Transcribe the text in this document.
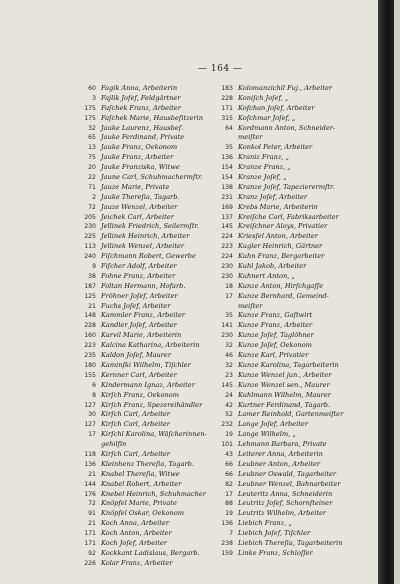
— 164 —
60 Fagik Anna, Arbeiterin
3 Fajlik Jofef, Feldgärtner
175 Faſchek Franz, Arbeiter
175 Faſchek Marie, Hausbeſitzerin
32 Jauke Laurenz, Hausbeſ.
65 Jauke Ferdinand, Private
13 Jauke Franz, Oekonom
75 Jauke Franz, Arbeiter
20 Jauke Franziska, Witwe
22 Jaune Carl, Schuhmachermſtr.
71 Jauze Marie, Private
2 Jauke Thereſia, Tagarb.
72 Jauze Wenzel, Arbeiter
205 Jeichek Carl, Arbeiter
230 Jellinek Friedrich, Seilermſtr.
225 Jellinek Heinrich, Arbeiter
113 Jellinek Wenzel, Arbeiter
240 Fiſchmann Robert, Gewerbe
9 Fiſcher Adolf, Arbeiter
38 Fohne Franz, Arbeiter
187 Foltan Hermann, Hofarb.
125 Fröhner Joſef, Arbeiter
21 Fuchs Joſef, Arbeiter
148 Kammler Franz, Arbeiter
228 Kandler Joſef, Arbeiter
160 Karvil Marie, Arbeiterin
223 Kalcina Katharina, Arbeiterin
235 Kaldon Joſef, Maurer
180 Kaminſki Wilhelm, Tiſchler
155 Kernner Carl, Arbeiter
6 Kindermann Ignaz, Arbeiter
8 Kirſch Franz, Oekonom
127 Kirſch Franz, Spezereihändler
30 Kirſch Carl, Arbeiter
127 Kirſch Carl, Arbeiter
17 Kirſchl Karolina, Wäſcherinnen-
gehilfin
118 Kirſch Carl, Arbeiter
136 Kleinhenz Thereſia, Tagarb.
21 Knabel Thereſia, Witwe
144 Knabel Robert, Arbeiter
176 Knebel Heinrich, Schuhmacher
72 Knöpfel Marie, Private
91 Knöpfel Oskar, Oekonom
21 Koch Anna, Arbeiter
171 Koch Anton, Arbeiter
171 Koch Joſef, Arbeiter
92 Kockkant Ladislaus, Bergarb.
226 Kolar Franz, Arbeiter
183 Kolomanzichil Fuj., Arbeiter
228 Koniſch Joſef, „
171 Koſchan Joſef, Arbeiter
315 Koſchmar Joſef, „
64 Kordmann Anton, Schneider-
meiſter
35 Konkol Peter, Arbeiter
136 Kraniz Franz, „
154 Kranze Franz, „
154 Kranze Joſef, „
138 Kranze Joſef, Tapezierermſtr.
231 Kranz Joſef, Arbeiter
169 Krebs Marie, Arbeiterin
137 Kreiſche Carl, Fabriksarbeiter
145 Kreiſchner Aloys, Privatier
224 Kriesſel Anton, Arbeiter
223 Kugler Heinrich, Gärtner
224 Kuhn Franz, Bergarbeiter
230 Kuhl Jakob, Arbeiter
230 Kuhnert Anton, „
18 Kunze Anton, Hirſchgaſſe
17 Kunze Bernhard, Gemeind-
meiſter
35 Kunze Franz, Gaſtwirt
141 Kunze Franz, Arbeiter
230 Kunze Joſef, Taglöhner
32 Kunze Joſef, Oekonom
46 Kunze Karl, Privatier
32 Kunze Karolina, Tagarbeiterin
23 Kunze Wenzel jun., Arbeiter
145 Kunze Wenzel sen., Maurer
24 Kuhlmann Wilhelm, Maurer
42 Kurtner Ferdinand, Tagarb.
52 Lamer Reinhold, Gartenmeiſter
232 Lange Joſef, Arbeiter
19 Lange Wilhelm, „
101 Lehmann Barbara, Private
43 Leiterer Anna, Arbeiterin
66 Leubner Anton, Arbeiter
66 Leubner Oswald, Tagarbeiter
82 Leubner Wenzel, Bahnarbeiter
17 Leuteritz Anna, Schneiderin
88 Leutritz Joſef, Schornſteiner
19 Leutritz Wilhelm, Arbeiter
136 Liebich Franz, „
7 Liebich Joſef, Tiſchler
238 Liebich Thereſia, Tagarbeiterin
159 Linke Franz, Schloſſer
